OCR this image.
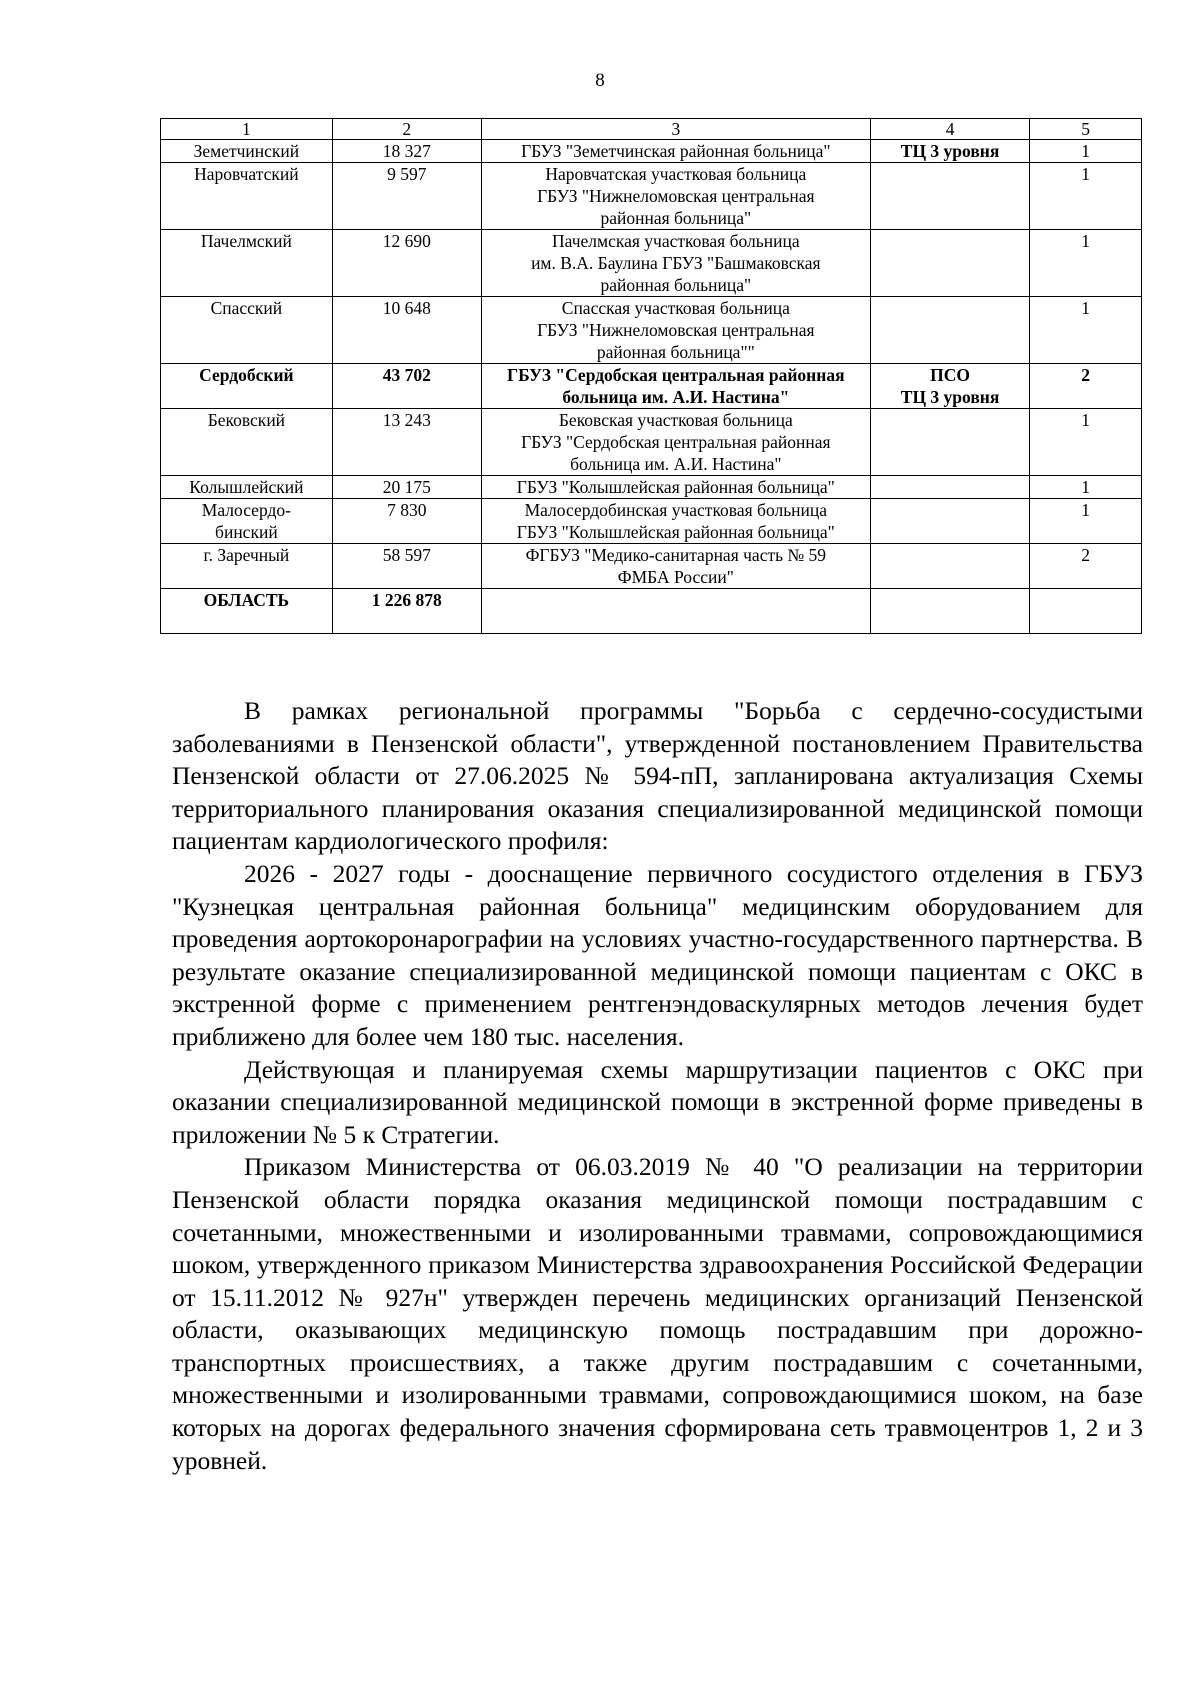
8
1	2	3	4	5

Земетчинский	18 327	ГБУЗ "Земетчинская районная больница"	ТЦ 3 уровня	1

Наровчатский	9 597	Наровчатская участковая больница
ГБУЗ "Нижнеломовская центральная
районная больница"		1

Пачелмский	12 690	Пачелмская участковая больница
им. В.А. Баулина ГБУЗ "Башмаковская
районная больница"		1

Спасский	10 648	Спасская участковая больница
ГБУЗ "Нижнеломовская центральная
районная больница""		1

Сердобский	43 702	ГБУЗ "Сердобская центральная районная
больница им. А.И. Настина"	ПСО
ТЦ 3 уровня	2

Бековский	13 243	Бековская участковая больница
ГБУЗ "Сердобская центральная районная
больница им. А.И. Настина"		1

Колышлейский	20 175	ГБУЗ "Колышлейская районная больница"		1

Малосердо-
бинский	7 830	Малосердобинская участковая больница
ГБУЗ "Колышлейская районная больница"		1

г. Заречный	58 597	ФГБУЗ "Медико-санитарная часть № 59
ФМБА России"		2

ОБЛАСТЬ	1 226 878			

В рамках региональной программы "Борьба с сердечно-сосудистыми заболеваниями в Пензенской области", утвержденной постановлением Правительства Пензенской области от 27.06.2025 № 594-пП, запланирована актуализация Схемы территориального планирования оказания специализированной медицинской помощи пациентам кардиологического профиля:

2026 - 2027 годы - дооснащение первичного сосудистого отделения в ГБУЗ "Кузнецкая центральная районная больница" медицинским оборудованием для проведения аортокоронарографии на условиях участно-государственного партнерства. В результате оказание специализированной медицинской помощи пациентам с ОКС в экстренной форме с применением рентгенэндоваскулярных методов лечения будет приближено для более чем 180 тыс. населения.

Действующая и планируемая схемы маршрутизации пациентов с ОКС при оказании специализированной медицинской помощи в экстренной форме приведены в приложении № 5 к Стратегии.

Приказом Министерства от 06.03.2019 № 40 "О реализации на территории Пензенской области порядка оказания медицинской помощи пострадавшим с сочетанными, множественными и изолированными травмами, сопровождающимися шоком, утвержденного приказом Министерства здравоохранения Российской Федерации от 15.11.2012 № 927н" утвержден перечень медицинских организаций Пензенской области, оказывающих медицинскую помощь пострадавшим при дорожно-транспортных происшествиях, а также другим пострадавшим с сочетанными, множественными и изолированными травмами, сопровождающимися шоком, на базе которых на дорогах федерального значения сформирована сеть травмоцентров 1, 2 и 3 уровней.
